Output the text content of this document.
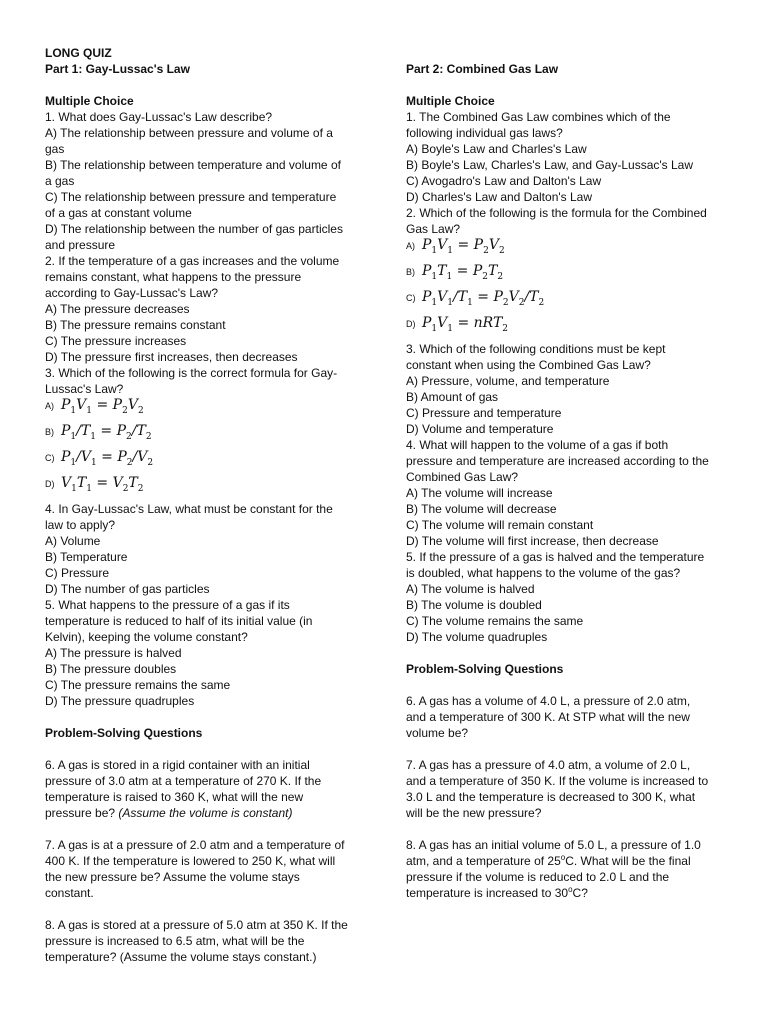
LONG QUIZ
Part 1: Gay-Lussac's Law
Multiple Choice
1. What does Gay-Lussac's Law describe?
A) The relationship between pressure and volume of a
gas
B) The relationship between temperature and volume of
a gas
C) The relationship between pressure and temperature
of a gas at constant volume
D) The relationship between the number of gas particles
and pressure
2. If the temperature of a gas increases and the volume
remains constant, what happens to the pressure
according to Gay-Lussac's Law?
A) The pressure decreases
B) The pressure remains constant
C) The pressure increases
D) The pressure first increases, then decreases
3. Which of the following is the correct formula for Gay-
Lussac's Law?
A) $P_1V_1 = P_2V_2$
B) $P_1/T_1 = P_2/T_2$
C) $P_1/V_1 = P_2/V_2$
D) $V_1T_1 = V_2T_2$
4. In Gay-Lussac's Law, what must be constant for the
law to apply?
A) Volume
B) Temperature
C) Pressure
D) The number of gas particles
5. What happens to the pressure of a gas if its
temperature is reduced to half of its initial value (in
Kelvin), keeping the volume constant?
A) The pressure is halved
B) The pressure doubles
C) The pressure remains the same
D) The pressure quadruples
Problem-Solving Questions
6. A gas is stored in a rigid container with an initial
pressure of 3.0 atm at a temperature of 270 K. If the
temperature is raised to 360 K, what will the new
pressure be? (Assume the volume is constant)
7. A gas is at a pressure of 2.0 atm and a temperature of
400 K. If the temperature is lowered to 250 K, what will
the new pressure be? Assume the volume stays
constant.
8. A gas is stored at a pressure of 5.0 atm at 350 K. If the
pressure is increased to 6.5 atm, what will be the
temperature? (Assume the volume stays constant.)
Part 2: Combined Gas Law
Multiple Choice
1. The Combined Gas Law combines which of the
following individual gas laws?
A) Boyle's Law and Charles's Law
B) Boyle's Law, Charles's Law, and Gay-Lussac's Law
C) Avogadro's Law and Dalton's Law
D) Charles's Law and Dalton's Law
2. Which of the following is the formula for the Combined
Gas Law?
A) $P_1V_1 = P_2V_2$
B) $P_1T_1 = P_2T_2$
C) $P_1V_1/T_1 = P_2V_2/T_2$
D) $P_1V_1 = nRT_2$
3. Which of the following conditions must be kept
constant when using the Combined Gas Law?
A) Pressure, volume, and temperature
B) Amount of gas
C) Pressure and temperature
D) Volume and temperature
4. What will happen to the volume of a gas if both
pressure and temperature are increased according to the
Combined Gas Law?
A) The volume will increase
B) The volume will decrease
C) The volume will remain constant
D) The volume will first increase, then decrease
5. If the pressure of a gas is halved and the temperature
is doubled, what happens to the volume of the gas?
A) The volume is halved
B) The volume is doubled
C) The volume remains the same
D) The volume quadruples
Problem-Solving Questions
6. A gas has a volume of 4.0 L, a pressure of 2.0 atm,
and a temperature of 300 K. At STP what will the new
volume be?
7. A gas has a pressure of 4.0 atm, a volume of 2.0 L,
and a temperature of 350 K. If the volume is increased to
3.0 L and the temperature is decreased to 300 K, what
will be the new pressure?
8. A gas has an initial volume of 5.0 L, a pressure of 1.0
atm, and a temperature of 25$^o$C. What will be the final
pressure if the volume is reduced to 2.0 L and the
temperature is increased to 30$^o$C?
